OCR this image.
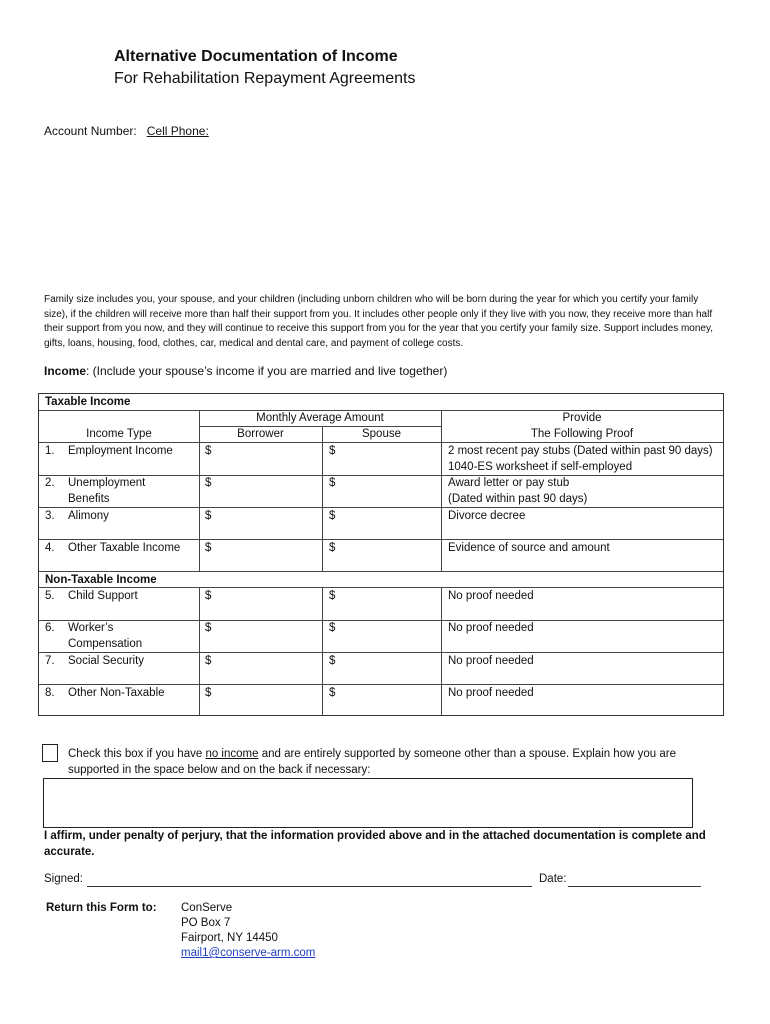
Alternative Documentation of Income
For Rehabilitation Repayment Agreements
Account Number: Cell Phone:
Family size includes you, your spouse, and your children (including unborn children who will be born during the year for which you certify your family size), if the children will receive more than half their support from you. It includes other people only if they live with you now, they receive more than half their support from you now, and they will continue to receive this support from you for the year that you certify your family size. Support includes money, gifts, loans, housing, food, clothes, car, medical and dental care, and payment of college costs.
Income: (Include your spouse’s income if you are married and live together)
Taxable Income
Monthly Average Amount	Provide
Income Type	Borrower	Spouse	The Following Proof
1. Employment Income	$	$	2 most recent pay stubs (Dated within past 90 days)
1040-ES worksheet if self-employed
2. Unemployment
Benefits
$	$	Award letter or pay stub
(Dated within past 90 days)
3. Alimony	$	$	Divorce decree
4. Other Taxable Income $	$	Evidence of source and amount
Non-Taxable Income
5. Child Support	$	$	No proof needed
6. Worker’s
Compensation
$	$	No proof needed
7. Social Security	$	$	No proof needed
8. Other Non-Taxable	$	$	No proof needed
Check this box if you have no income and are entirely supported by someone other than a spouse. Explain how you are supported in the space below and on the back if necessary:
I affirm, under penalty of perjury, that the information provided above and in the attached documentation is complete and accurate.
Signed:	Date:
Return this Form to: ConServe
PO Box 7
Fairport, NY 14450
mail1@conserve-arm.com
